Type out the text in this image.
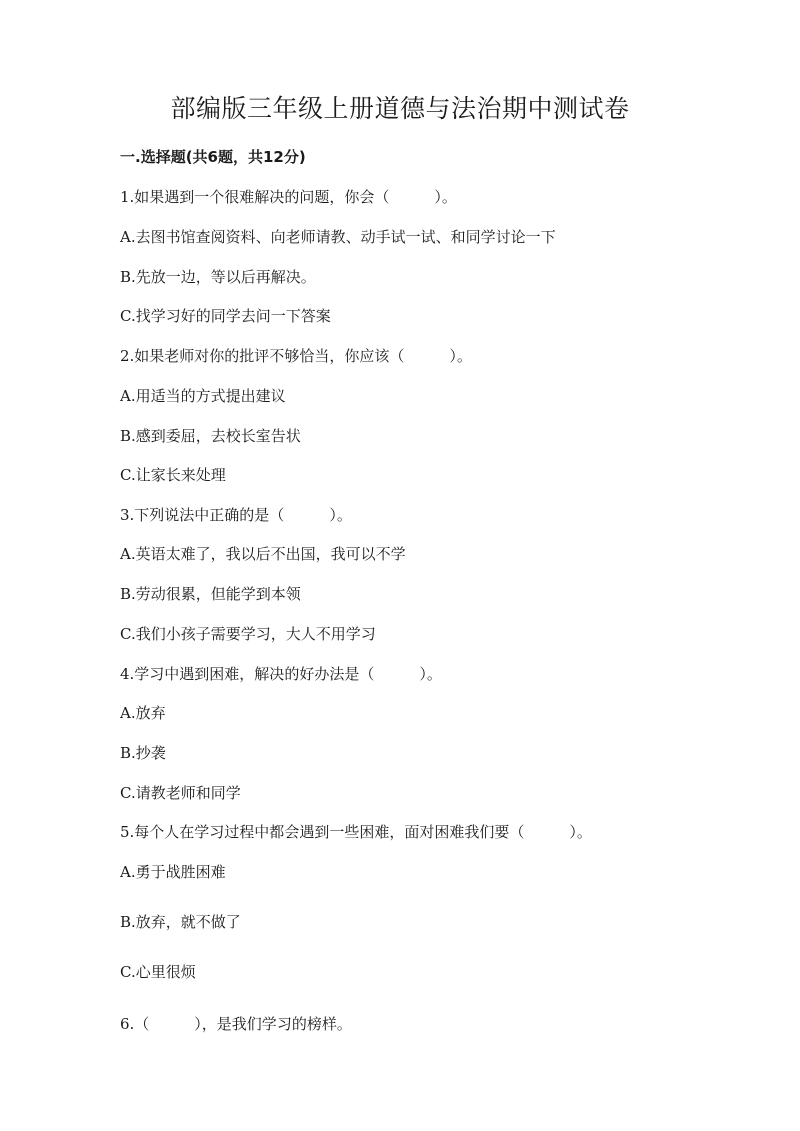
部编版三年级上册道德与法治期中测试卷
一.选择题(共6题，共12分)
1.如果遇到一个很难解决的问题，你会（　　　）。
A.去图书馆查阅资料、向老师请教、动手试一试、和同学讨论一下
B.先放一边，等以后再解决。
C.找学习好的同学去问一下答案
2.如果老师对你的批评不够恰当，你应该（　　　）。
A.用适当的方式提出建议
B.感到委屈，去校长室告状
C.让家长来处理
3.下列说法中正确的是（　　　）。
A.英语太难了，我以后不出国，我可以不学
B.劳动很累，但能学到本领
C.我们小孩子需要学习，大人不用学习
4.学习中遇到困难，解决的好办法是（　　　）。
A.放弃
B.抄袭
C.请教老师和同学
5.每个人在学习过程中都会遇到一些困难，面对困难我们要（　　　）。
A.勇于战胜困难
B.放弃，就不做了
C.心里很烦
6.（　　　），是我们学习的榜样。
